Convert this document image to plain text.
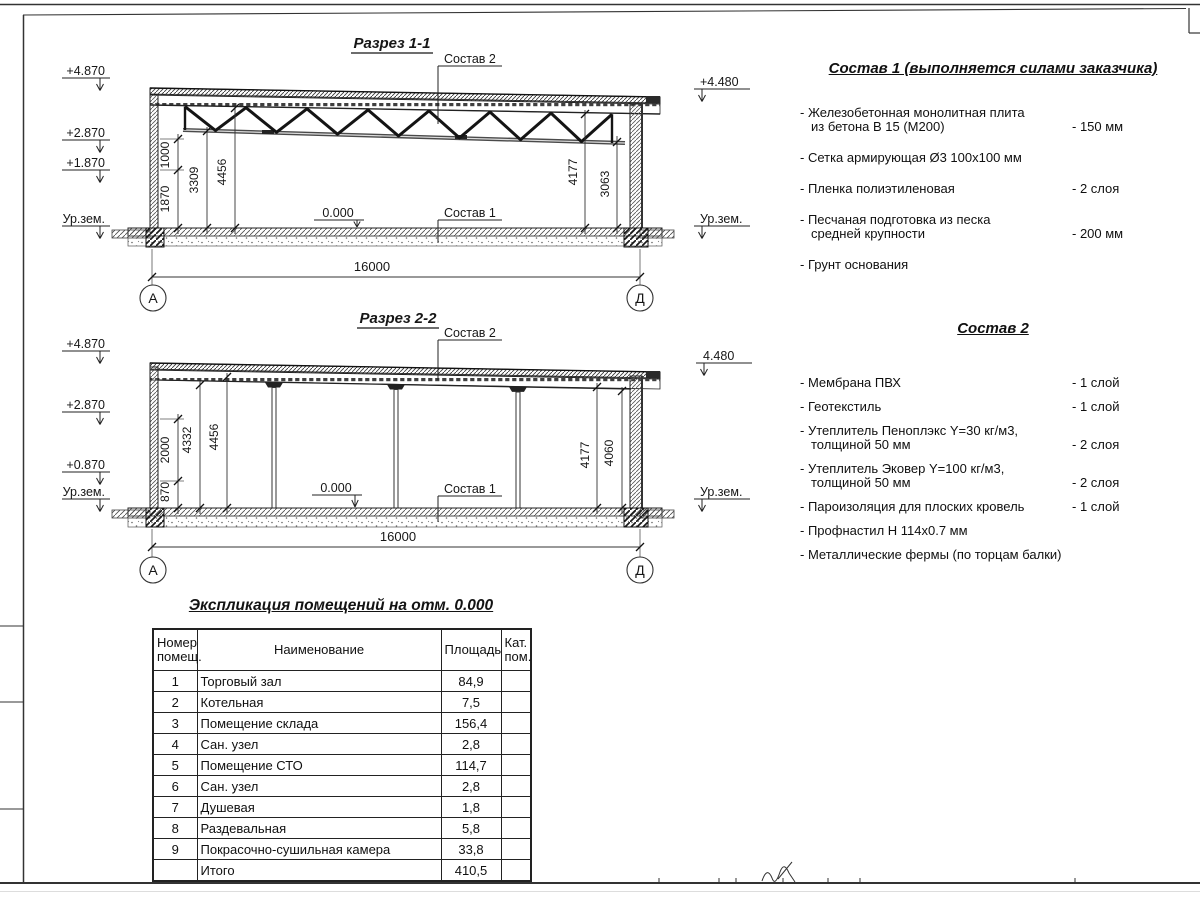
Разрез 1-1
Состав 2
Состав 1
0.000
+4.870
+2.870
+1.870
Ур.зем.
+4.480
Ур.зем.
1000
1870
3309 4456	4177 3063
16000
А	Д
Разрез 2-2
Состав 2
Состав 1
0.000
+4.870
+2.870
+0.870
Ур.зем.
4.480
Ур.зем.
2000
870
4332 4456
4177 4060
16000
А	Д
Состав 1 (выполняется силами заказчика)
- Железобетонная монолитная плита
из бетона В 15 (М200)	- 150 мм
- Сетка армирующая Ø3 100х100 мм
- Пленка полиэтиленовая	- 2 слоя
- Песчаная подготовка из песка
средней крупности	- 200 мм
- Грунт основания
Состав 2
- Мембрана ПВХ	- 1 слой
- Геотекстиль	- 1 слой
- Утеплитель Пеноплэкс Y=30 кг/м3,
толщиной 50 мм	- 2 слоя
- Утеплитель Эковер Y=100 кг/м3,
толщиной 50 мм	- 2 слоя
- Пароизоляция для плоских кровель	- 1 слой
- Профнастил Н 114х0.7 мм
- Металлические фермы (по торцам балки)
Экспликация помещений на отм. 0.000
Номер помещ.	Наименование	Площадь	Кат. пом.
1	Торговый зал	84,9	
2	Котельная	7,5	
3	Помещение склада	156,4	
4	Сан. узел	2,8	
5	Помещение СТО	114,7	
6	Сан. узел	2,8	
7	Душевая	1,8	
8	Раздевальная	5,8	
9	Покрасочно-сушильная камера	33,8	
	Итого	410,5	
